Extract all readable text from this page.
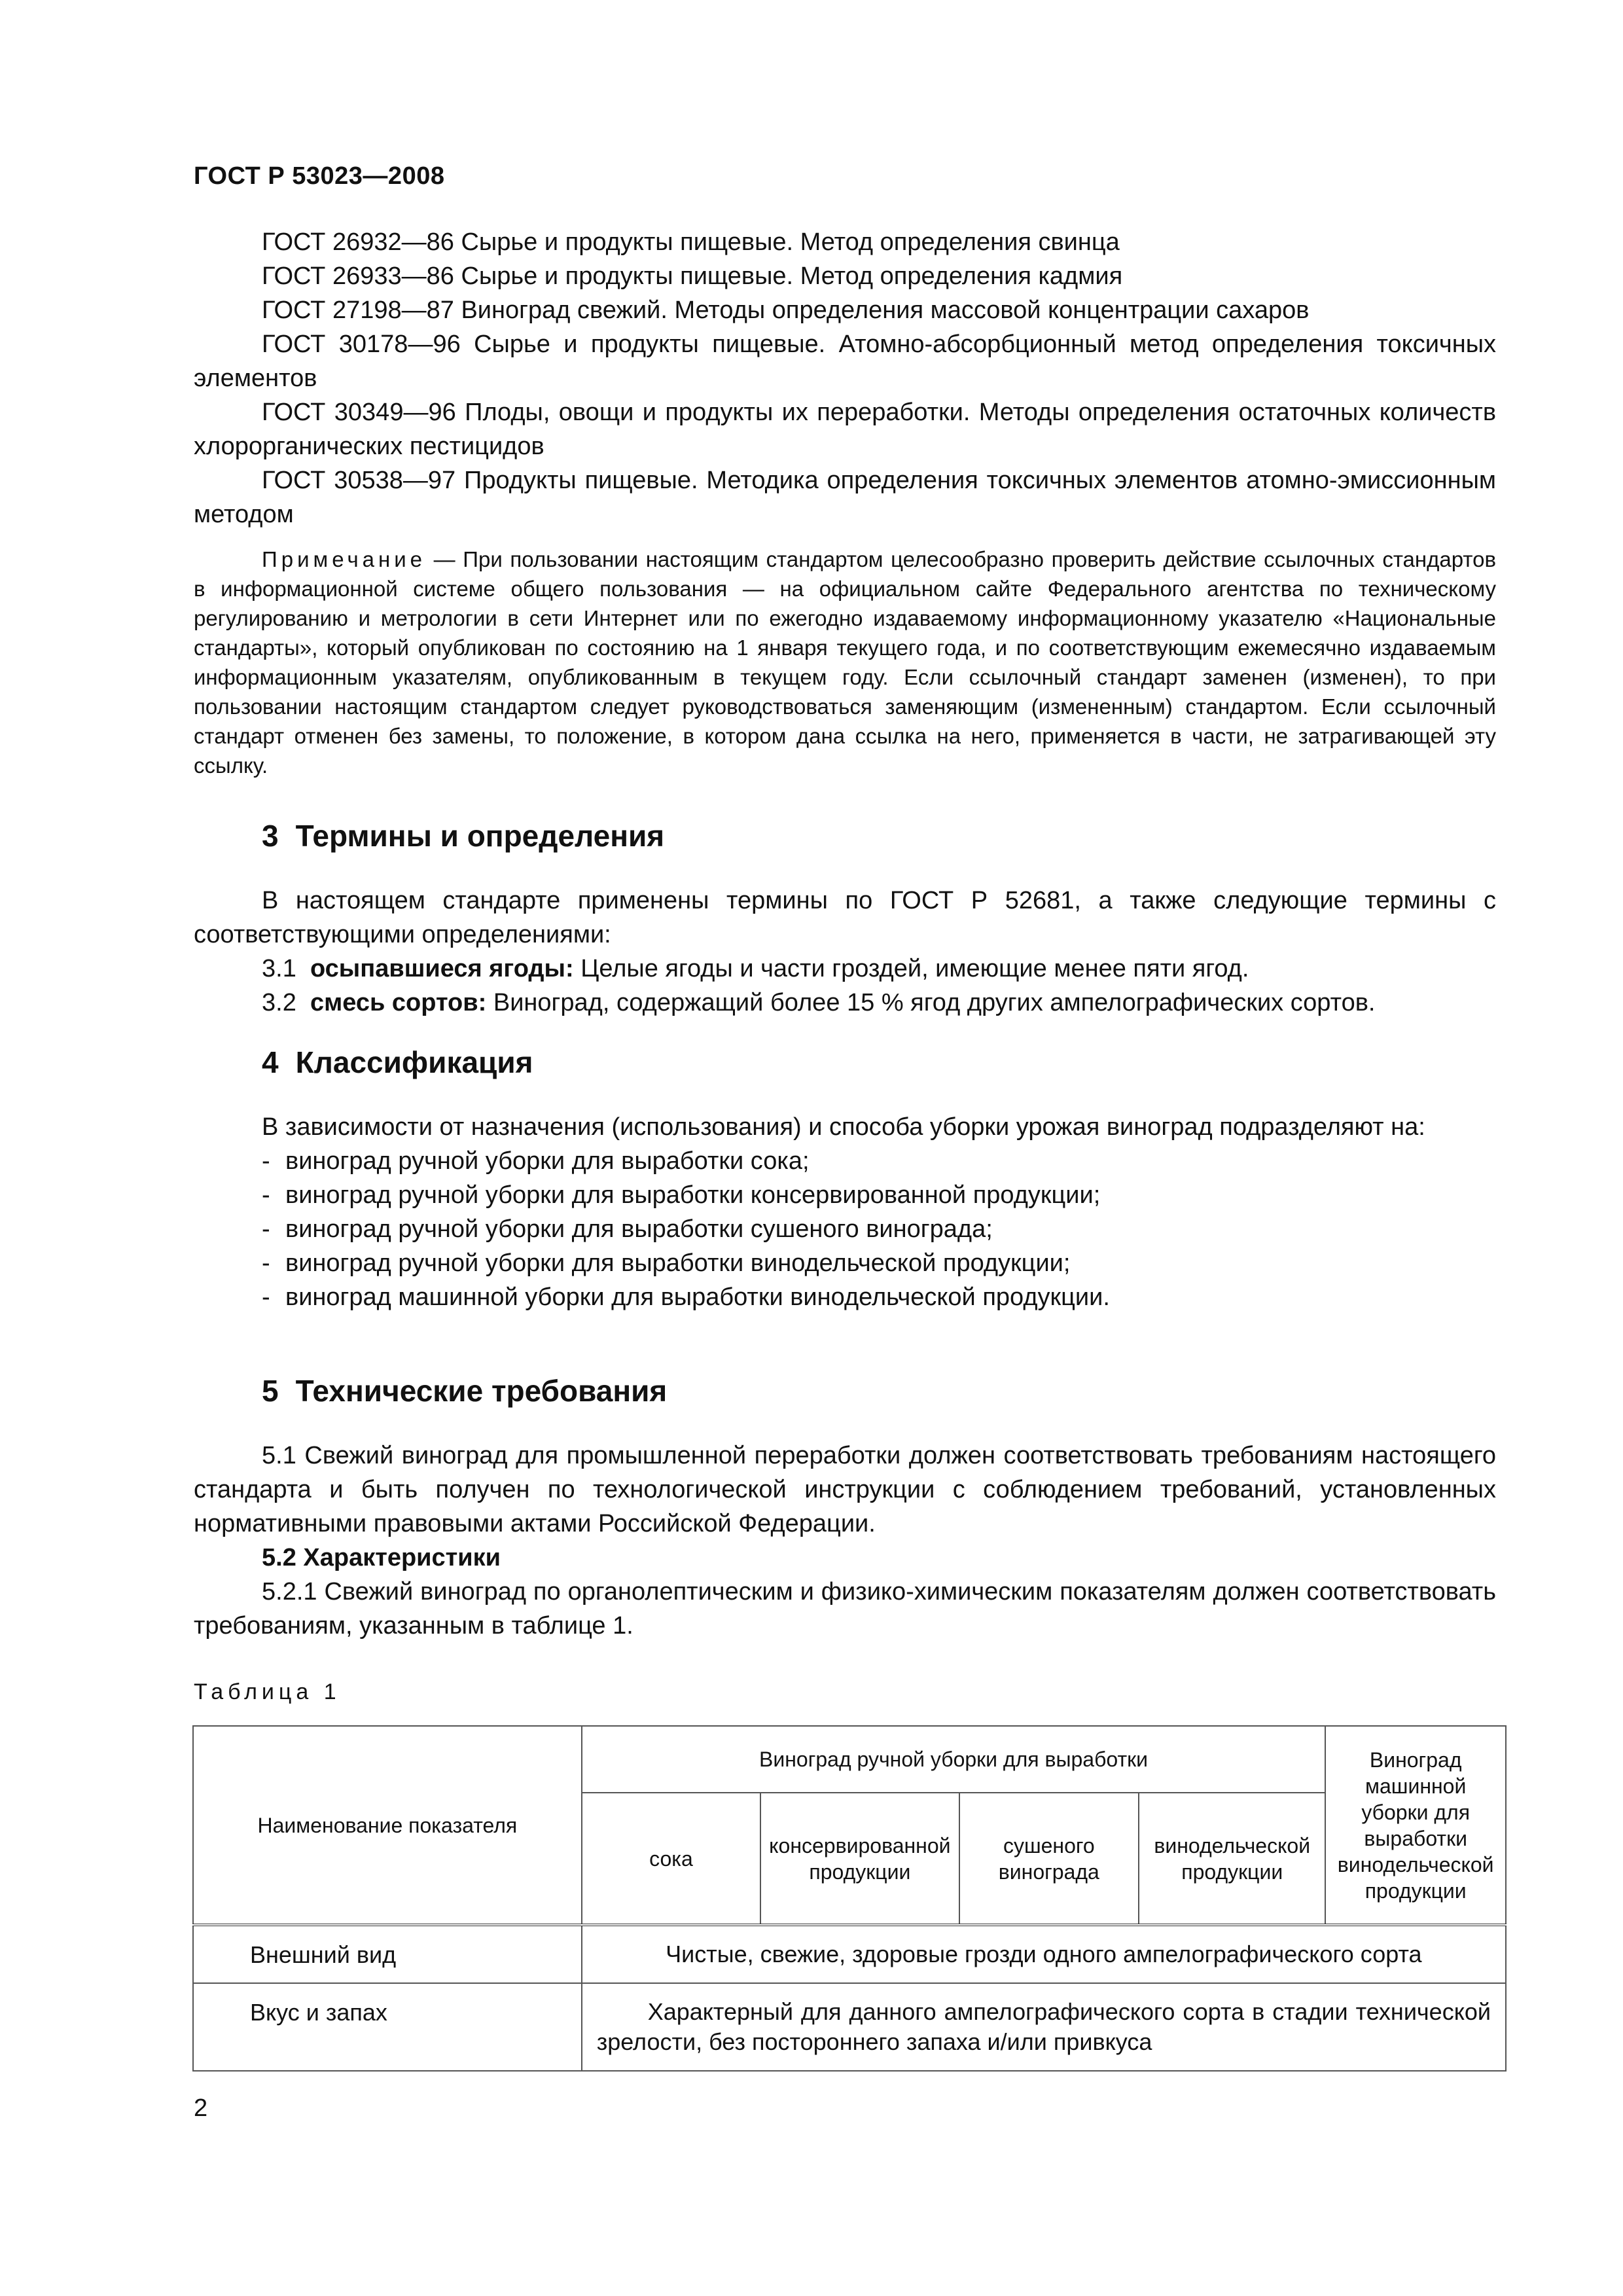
ГОСТ Р 53023—2008

ГОСТ 26932—86 Сырье и продукты пищевые. Метод определения свинца

ГОСТ 26933—86 Сырье и продукты пищевые. Метод определения кадмия

ГОСТ 27198—87 Виноград свежий. Методы определения массовой концентрации сахаров

ГОСТ 30178—96 Сырье и продукты пищевые. Атомно-абсорбционный метод определения токсичных элементов

ГОСТ 30349—96 Плоды, овощи и продукты их переработки. Методы определения остаточных количеств хлорорганических пестицидов

ГОСТ 30538—97 Продукты пищевые. Методика определения токсичных элементов атомно-эмиссионным методом

Примечание — При пользовании настоящим стандартом целесообразно проверить действие ссылочных стандартов в информационной системе общего пользования — на официальном сайте Федерального агентства по техническому регулированию и метрологии в сети Интернет или по ежегодно издаваемому информационному указателю «Национальные стандарты», который опубликован по состоянию на 1 января текущего года, и по соответствующим ежемесячно издаваемым информационным указателям, опубликованным в текущем году. Если ссылочный стандарт заменен (изменен), то при пользовании настоящим стандартом следует руководствоваться заменяющим (измененным) стандартом. Если ссылочный стандарт отменен без замены, то положение, в котором дана ссылка на него, применяется в части, не затрагивающей эту ссылку.

3 Термины и определения

В настоящем стандарте применены термины по ГОСТ Р 52681, а также следующие термины с соответствующими определениями:

3.1 осыпавшиеся ягоды: Целые ягоды и части гроздей, имеющие менее пяти ягод.

3.2 смесь сортов: Виноград, содержащий более 15 % ягод других ампелографических сортов.

4 Классификация

В зависимости от назначения (использования) и способа уборки урожая виноград подразделяют на:

- виноград ручной уборки для выработки сока;

- виноград ручной уборки для выработки консервированной продукции;

- виноград ручной уборки для выработки сушеного винограда;

- виноград ручной уборки для выработки винодельческой продукции;

- виноград машинной уборки для выработки винодельческой продукции.

5 Технические требования

5.1 Свежий виноград для промышленной переработки должен соответствовать требованиям настоящего стандарта и быть получен по технологической инструкции с соблюдением требований, установленных нормативными правовыми актами Российской Федерации.

5.2 Характеристики

5.2.1 Свежий виноград по органолептическим и физико-химическим показателям должен соответствовать требованиям, указанным в таблице 1.

Таблица 1
Наименование показателя	Виноград ручной уборки для выработки				Виноград машинной уборки для выработки винодельческой продукции
	сока	консервированной продукции	сушеного винограда	винодельческой продукции	
Внешний вид	Чистые, свежие, здоровые грозди одного ампелографического сорта				
Вкус и запах	Характерный для данного ампелографического сорта в стадии технической зрелости, без постороннего запаха и/или привкуса				
2
